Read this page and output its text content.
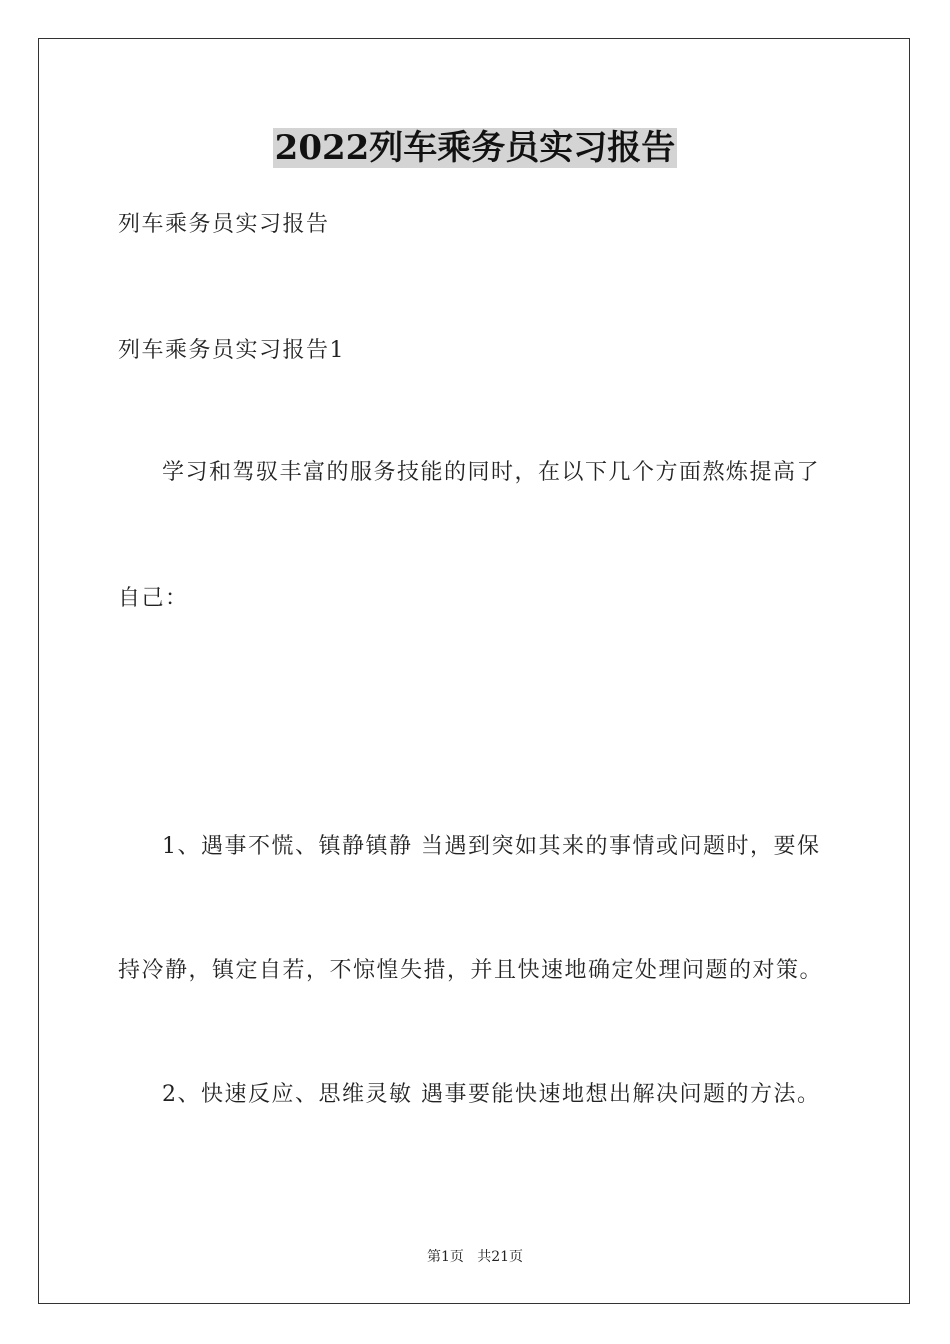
2022列车乘务员实习报告
列车乘务员实习报告
列车乘务员实习报告1
学习和驾驭丰富的服务技能的同时，在以下几个方面熬炼提高了
自己：
1、遇事不慌、镇静镇静 当遇到突如其来的事情或问题时，要保
持冷静，镇定自若，不惊惶失措，并且快速地确定处理问题的对策。
2、快速反应、思维灵敏 遇事要能快速地想出解决问题的方法。
第1页   共21页
